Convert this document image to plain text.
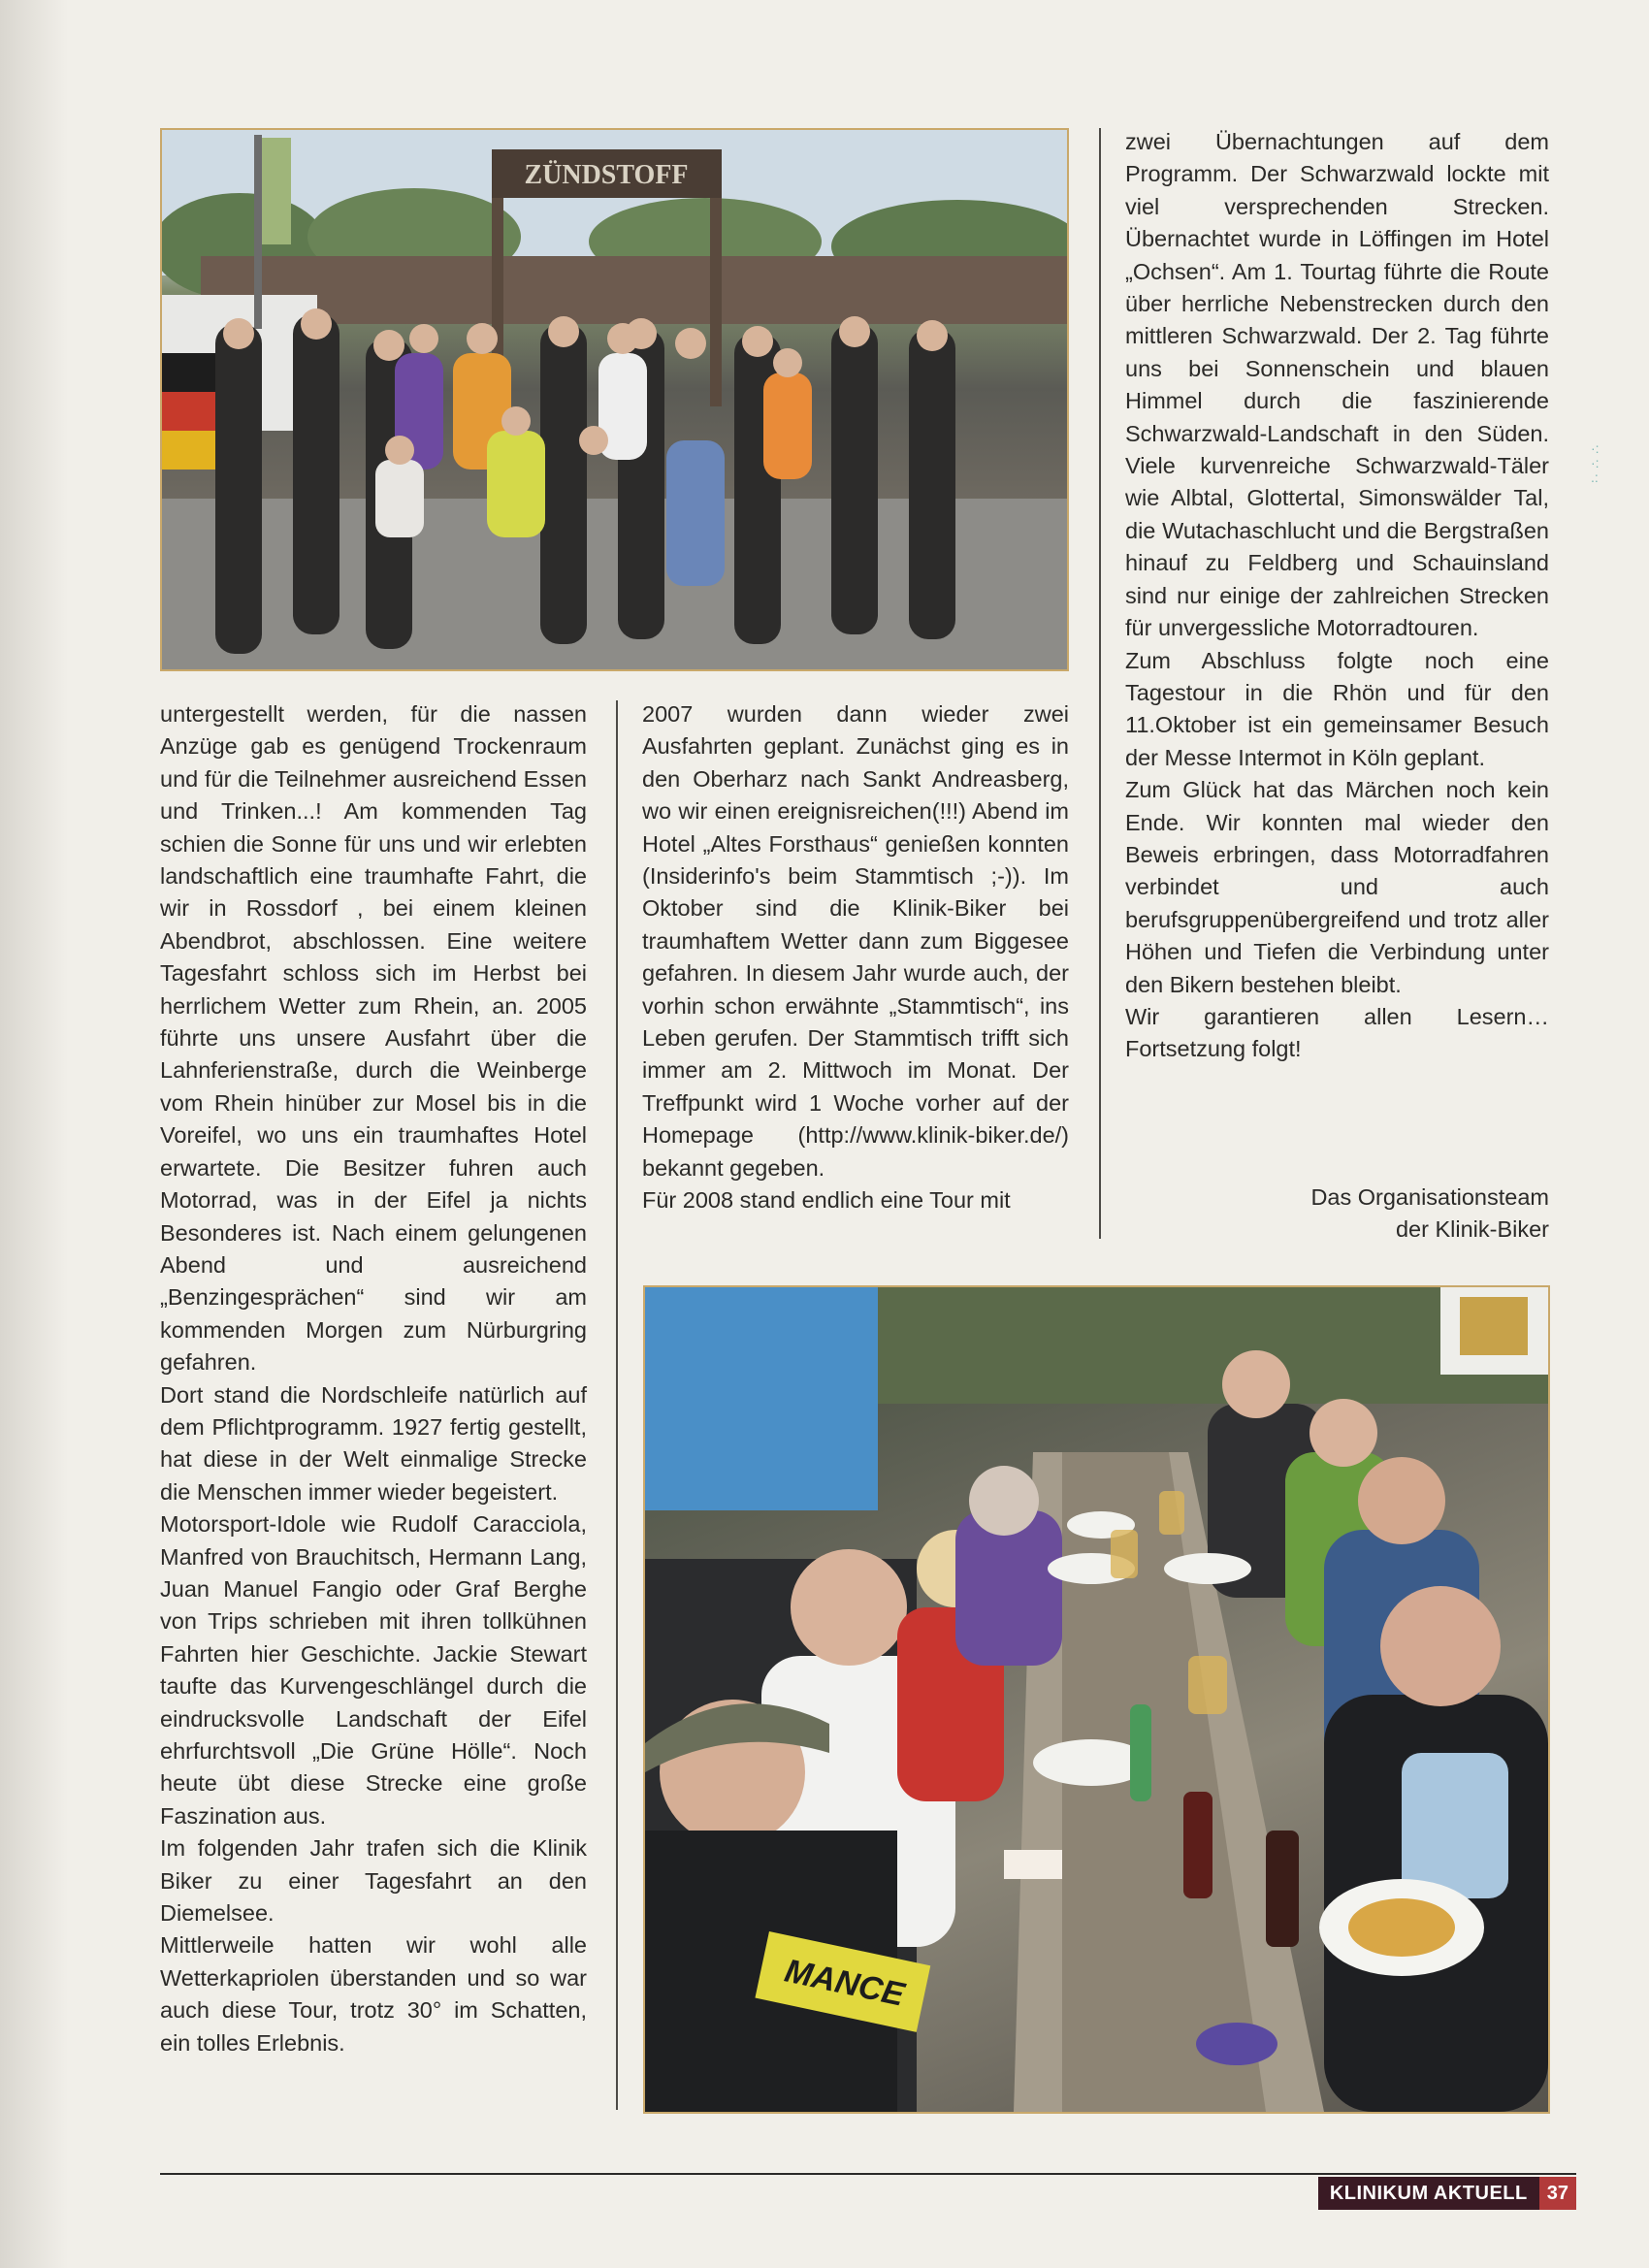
ZÜNDSTOFF

untergestellt werden, für die nassen Anzüge gab es genügend Trockenraum und für die Teilnehmer ausreichend Essen und Trinken...! Am kommenden Tag schien die Sonne für uns und wir erlebten landschaftlich eine traumhafte Fahrt, die wir in Rossdorf , bei einem kleinen Abendbrot, abschlossen. Eine weitere Tagesfahrt schloss sich im Herbst bei herrlichem Wetter zum Rhein, an. 2005 führte uns unsere Ausfahrt über die Lahnferienstraße, durch die Weinberge vom Rhein hinüber zur Mosel bis in die Voreifel, wo uns ein traumhaftes Hotel erwartete. Die Besitzer fuhren auch Motorrad, was in der Eifel ja nichts Besonderes ist. Nach einem gelungenen Abend und ausreichend „Benzingesprächen“ sind wir am kommenden Morgen zum Nürburgring gefahren.

Dort stand die Nordschleife natürlich auf dem Pflichtprogramm. 1927 fertig gestellt, hat diese in der Welt einmalige Strecke die Menschen immer wieder begeistert.

Motorsport-Idole wie Rudolf Caracciola, Manfred von Brauchitsch, Hermann Lang, Juan Manuel Fangio oder Graf Berghe von Trips schrieben mit ihren tollkühnen Fahrten hier Geschichte. Jackie Stewart taufte das Kurvengeschlängel durch die eindrucksvolle Landschaft der Eifel ehrfurchtsvoll „Die Grüne Hölle“. Noch heute übt diese Strecke eine große Faszination aus.

Im folgenden Jahr trafen sich die Klinik Biker zu einer Tagesfahrt an den Diemelsee.

Mittlerweile hatten wir wohl alle Wetterkapriolen überstanden und so war auch diese Tour, trotz 30° im Schatten, ein tolles Erlebnis.

2007 wurden dann wieder zwei Ausfahrten geplant. Zunächst ging es in den Oberharz nach Sankt Andreasberg, wo wir einen ereignisreichen(!!!) Abend im Hotel „Altes Forsthaus“ genießen konnten (Insiderinfo's beim Stammtisch ;-)). Im Oktober sind die Klinik-Biker bei traumhaftem Wetter dann zum Biggesee gefahren. In diesem Jahr wurde auch, der vorhin schon erwähnte „Stammtisch“, ins Leben gerufen. Der Stammtisch trifft sich immer am 2. Mittwoch im Monat. Der Treffpunkt wird 1 Woche vorher auf der Homepage (http://www.klinik-biker.de/) bekannt gegeben.

Für 2008 stand endlich eine Tour mit

zwei Übernachtungen auf dem Programm. Der Schwarzwald lockte mit viel versprechenden Strecken. Übernachtet wurde in Löffingen im Hotel „Ochsen“. Am 1. Tourtag führte die Route über herrliche Nebenstrecken durch den mittleren Schwarzwald. Der 2. Tag führte uns bei Sonnenschein und blauen Himmel durch die faszinierende Schwarzwald-Landschaft in den Süden. Viele kurvenreiche Schwarzwald-Täler wie Albtal, Glottertal, Simonswälder Tal, die Wutachaschlucht und die Bergstraßen hinauf zu Feldberg und Schauinsland sind nur einige der zahlreichen Strecken für unvergessliche Motorradtouren.

Zum Abschluss folgte noch eine Tagestour in die Rhön und für den 11.Oktober ist ein gemeinsamer Besuch der Messe Intermot in Köln geplant.

Zum Glück hat das Märchen noch kein Ende. Wir konnten mal wieder den Beweis erbringen, dass Motorradfahren verbindet und auch berufsgruppenübergreifend und trotz aller Höhen und Tiefen die Verbindung unter den Bikern bestehen bleibt.

Wir garantieren allen Lesern… Fortsetzung folgt!

Das Organisationsteam
der Klinik-Biker
·:
·:
.:
MANCE
KLINIKUM AKTUELL	37
